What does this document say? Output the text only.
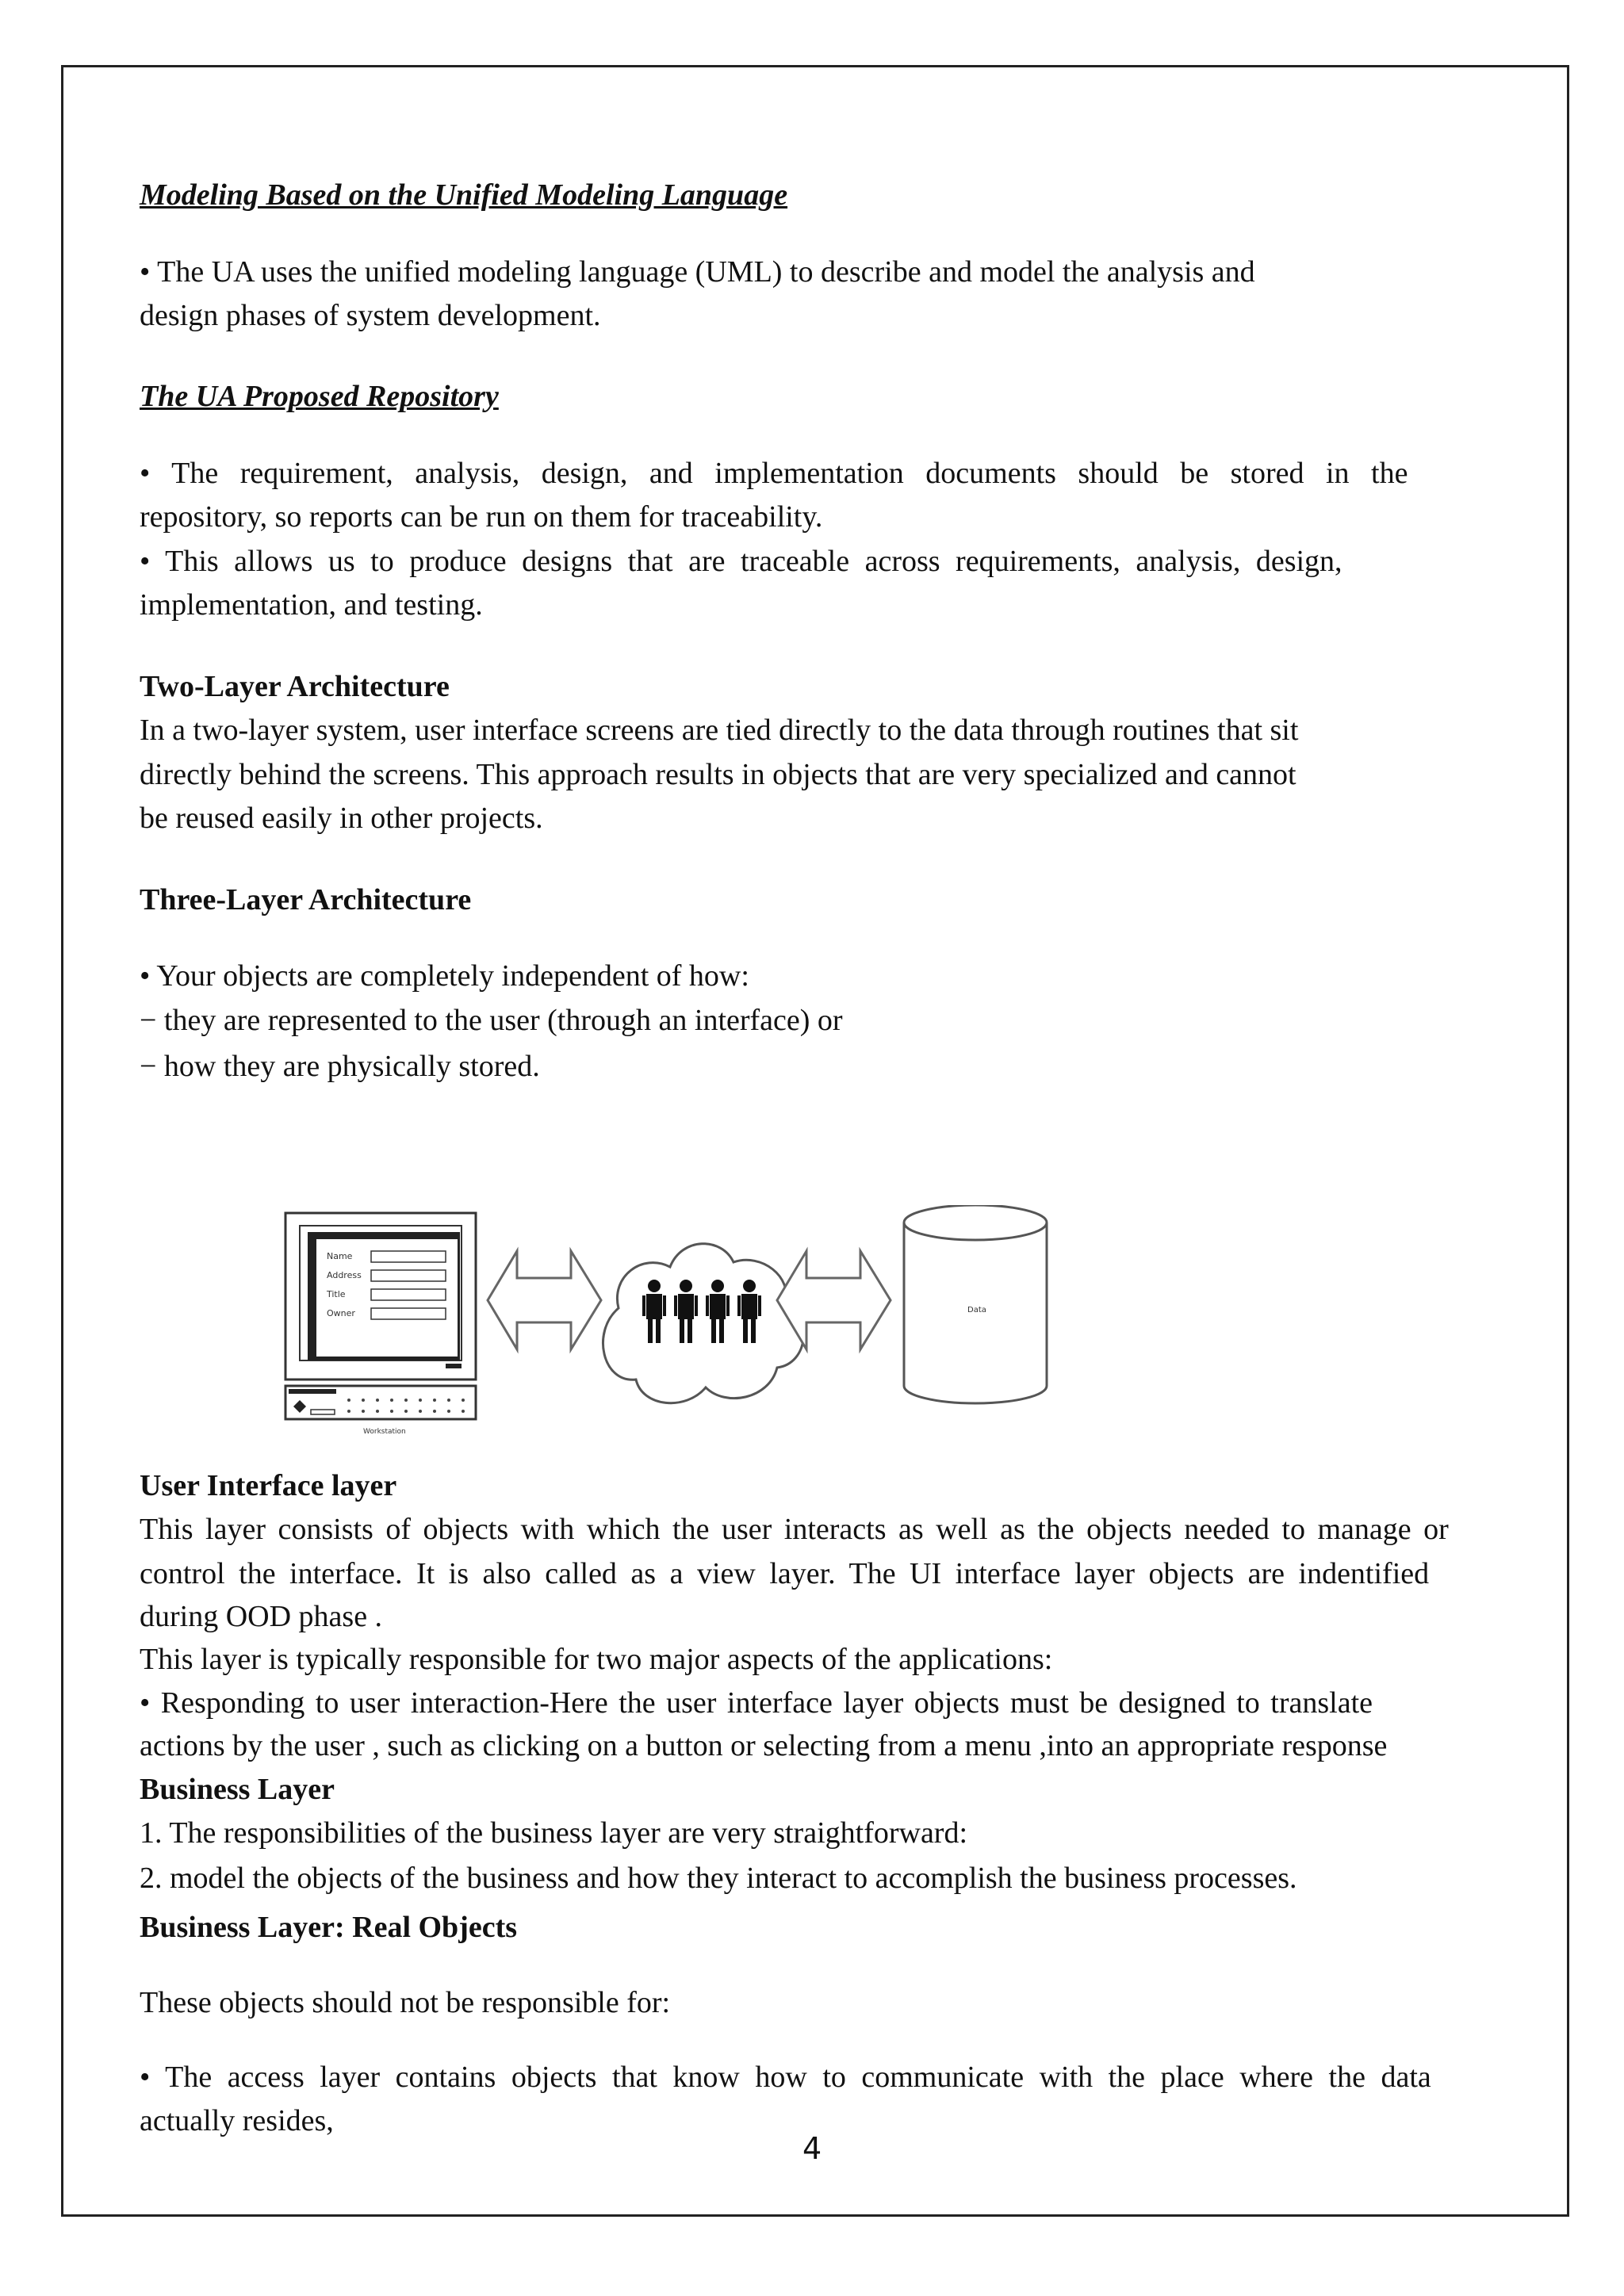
Modeling Based on the Unified Modeling Language
• The UA uses the unified modeling language (UML) to describe and model the analysis and
design phases of system development.
The UA Proposed Repository
• The requirement, analysis, design, and implementation documents should be stored in the
repository, so reports can be run on them for traceability.
• This allows us to produce designs that are traceable across requirements, analysis, design,
implementation, and testing.
Two-Layer Architecture
In a two-layer system, user interface screens are tied directly to the data through routines that sit
directly behind the screens. This approach results in objects that are very specialized and cannot
be reused easily in other projects.
Three-Layer Architecture
• Your objects are completely independent of how:
− they are represented to the user (through an interface) or
− how they are physically stored.
Name
Address
Title
Owner
Workstation
Data
User Interface layer
This layer consists of objects with which the user interacts as well as the objects needed to manage or
control the interface. It is also called as a view layer. The UI interface layer objects are indentified
during OOD phase .
This layer is typically responsible for two major aspects of the applications:
• Responding to user interaction-Here the user interface layer objects must be designed to translate
actions by the user , such as clicking on a button or selecting from a menu ,into an appropriate response
Business Layer
1. The responsibilities of the business layer are very straightforward:
2. model the objects of the business and how they interact to accomplish the business processes.
Business Layer: Real Objects
These objects should not be responsible for:
• The access layer contains objects that know how to communicate with the place where the data
actually resides,
4
